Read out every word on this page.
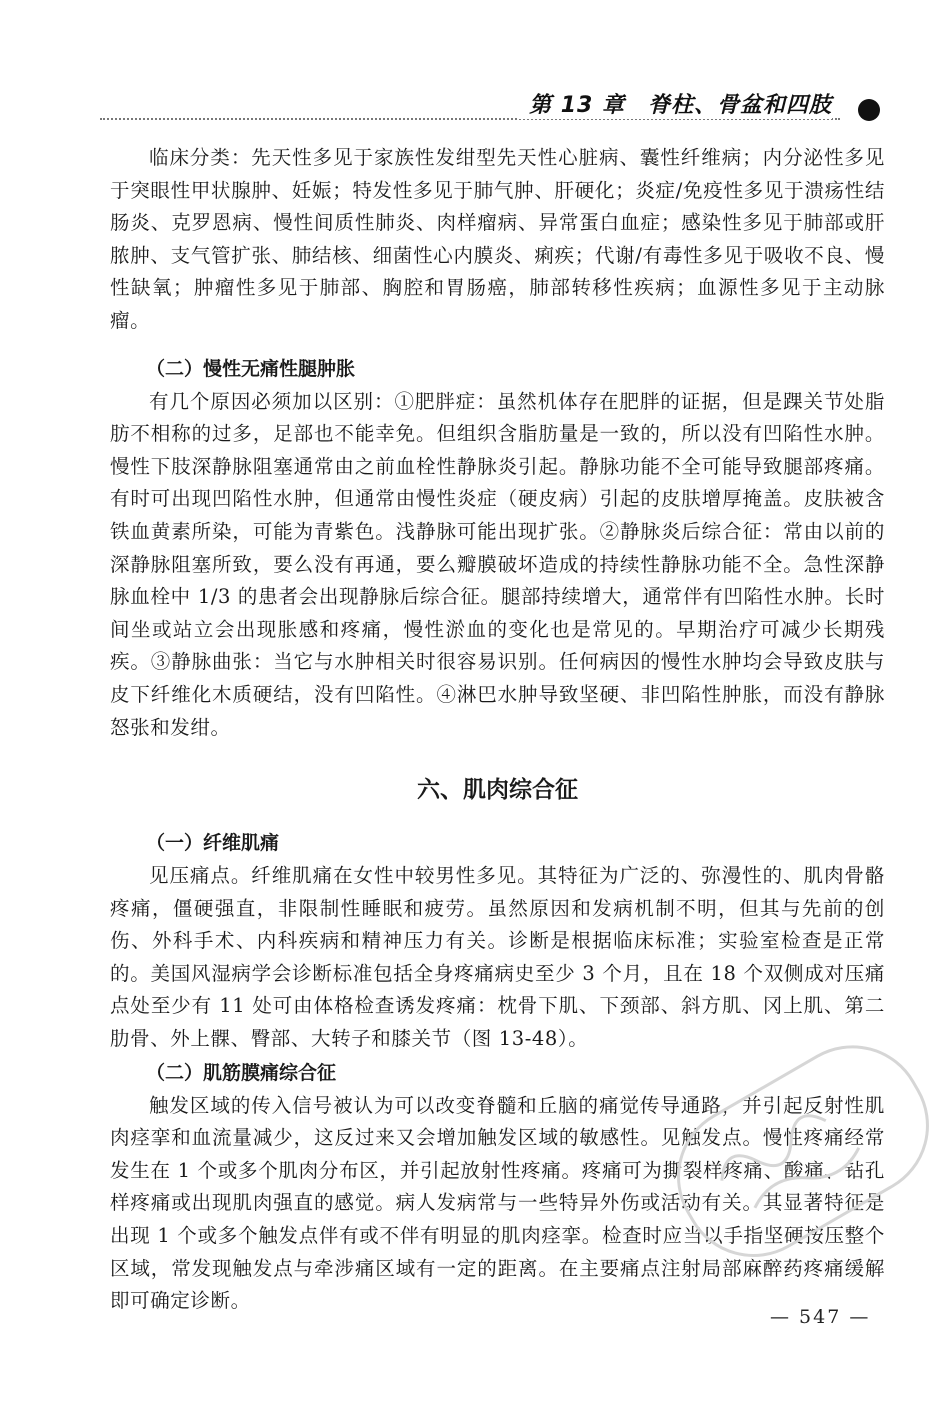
第 13 章　脊柱、骨盆和四肢

临床分类：先天性多见于家族性发绀型先天性心脏病、囊性纤维病；内分泌性多见于突眼性甲状腺肿、妊娠；特发性多见于肺气肿、肝硬化；炎症/免疫性多见于溃疡性结肠炎、克罗恩病、慢性间质性肺炎、肉样瘤病、异常蛋白血症；感染性多见于肺部或肝脓肿、支气管扩张、肺结核、细菌性心内膜炎、痢疾；代谢/有毒性多见于吸收不良、慢性缺氧；肿瘤性多见于肺部、胸腔和胃肠癌，肺部转移性疾病；血源性多见于主动脉瘤。

（二）慢性无痛性腿肿胀

有几个原因必须加以区别：①肥胖症：虽然机体存在肥胖的证据，但是踝关节处脂肪不相称的过多，足部也不能幸免。但组织含脂肪量是一致的，所以没有凹陷性水肿。慢性下肢深静脉阻塞通常由之前血栓性静脉炎引起。静脉功能不全可能导致腿部疼痛。有时可出现凹陷性水肿，但通常由慢性炎症（硬皮病）引起的皮肤增厚掩盖。皮肤被含铁血黄素所染，可能为青紫色。浅静脉可能出现扩张。②静脉炎后综合征：常由以前的深静脉阻塞所致，要么没有再通，要么瓣膜破坏造成的持续性静脉功能不全。急性深静脉血栓中 1/3 的患者会出现静脉后综合征。腿部持续增大，通常伴有凹陷性水肿。长时间坐或站立会出现胀感和疼痛，慢性淤血的变化也是常见的。早期治疗可减少长期残疾。③静脉曲张：当它与水肿相关时很容易识别。任何病因的慢性水肿均会导致皮肤与皮下纤维化木质硬结，没有凹陷性。④淋巴水肿导致坚硬、非凹陷性肿胀，而没有静脉怒张和发绀。

六、肌肉综合征

（一）纤维肌痛

见压痛点。纤维肌痛在女性中较男性多见。其特征为广泛的、弥漫性的、肌肉骨骼疼痛，僵硬强直，非限制性睡眠和疲劳。虽然原因和发病机制不明，但其与先前的创伤、外科手术、内科疾病和精神压力有关。诊断是根据临床标准；实验室检查是正常的。美国风湿病学会诊断标准包括全身疼痛病史至少 3 个月，且在 18 个双侧成对压痛点处至少有 11 处可由体格检查诱发疼痛：枕骨下肌、下颈部、斜方肌、冈上肌、第二肋骨、外上髁、臀部、大转子和膝关节（图 13-48）。

（二）肌筋膜痛综合征

触发区域的传入信号被认为可以改变脊髓和丘脑的痛觉传导通路，并引起反射性肌肉痉挛和血流量减少，这反过来又会增加触发区域的敏感性。见触发点。慢性疼痛经常发生在 1 个或多个肌肉分布区，并引起放射性疼痛。疼痛可为撕裂样疼痛、酸痛、钻孔样疼痛或出现肌肉强直的感觉。病人发病常与一些特异外伤或活动有关。其显著特征是出现 1 个或多个触发点伴有或不伴有明显的肌肉痉挛。检查时应当以手指坚硬按压整个区域，常发现触发点与牵涉痛区域有一定的距离。在主要痛点注射局部麻醉药疼痛缓解即可确定诊断。

— 547 —
